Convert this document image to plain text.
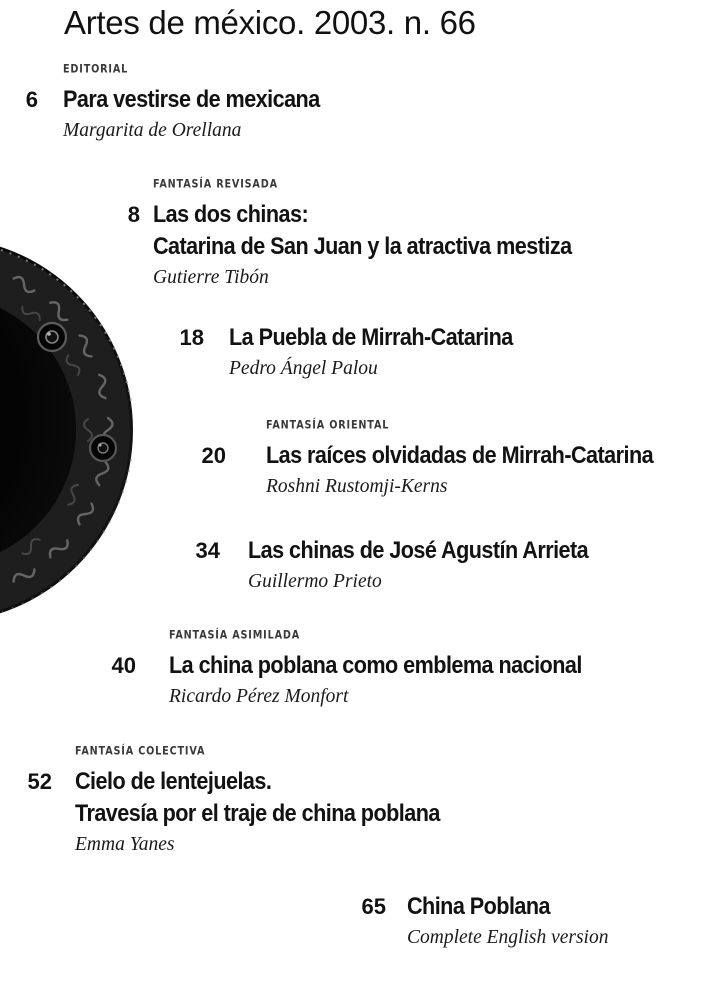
Artes de méxico. 2003. n. 66
6
EDITORIAL
Para vestirse de mexicana
Margarita de Orellana
8
FANTASÍA REVISADA
Las dos chinas:
Catarina de San Juan y la atractiva mestiza
Gutierre Tibón
18 La Puebla de Mirrah-Catarina
Pedro Ángel Palou
20
FANTASÍA ORIENTAL
Las raíces olvidadas de Mirrah-Catarina
Roshni Rustomji-Kerns
34 Las chinas de José Agustín Arrieta
Guillermo Prieto
40
FANTASÍA ASIMILADA
La china poblana como emblema nacional
Ricardo Pérez Monfort
52
FANTASÍA COLECTIVA
Cielo de lentejuelas.
Travesía por el traje de china poblana
Emma Yanes
65 China Poblana
Complete English version
